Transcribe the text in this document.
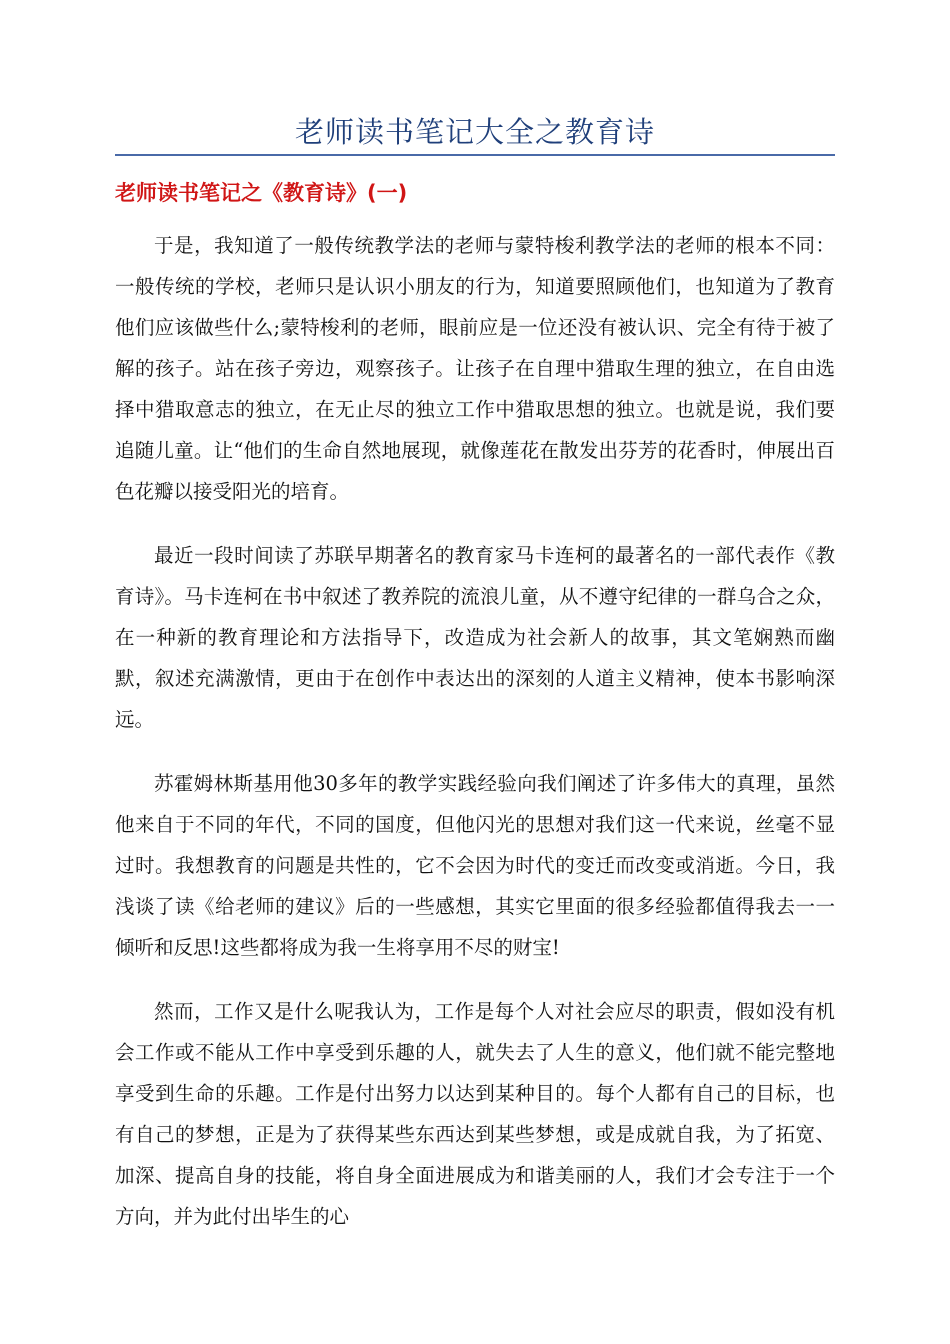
老师读书笔记大全之教育诗
老师读书笔记之《教育诗》(一)

于是，我知道了一般传统教学法的老师与蒙特梭利教学法的老师的根本不同：一般传统的学校，老师只是认识小朋友的行为，知道要照顾他们，也知道为了教育他们应该做些什么;蒙特梭利的老师，眼前应是一位还没有被认识、完全有待于被了解的孩子。站在孩子旁边，观察孩子。让孩子在自理中猎取生理的独立，在自由选择中猎取意志的独立，在无止尽的独立工作中猎取思想的独立。也就是说，我们要追随儿童。让“他们的生命自然地展现，就像莲花在散发出芬芳的花香时，伸展出百色花瓣以接受阳光的培育。

最近一段时间读了苏联早期著名的教育家马卡连柯的最著名的一部代表作《教育诗》。马卡连柯在书中叙述了教养院的流浪儿童，从不遵守纪律的一群乌合之众，在一种新的教育理论和方法指导下，改造成为社会新人的故事，其文笔娴熟而幽默，叙述充满激情，更由于在创作中表达出的深刻的人道主义精神，使本书影响深远。

苏霍姆林斯基用他30多年的教学实践经验向我们阐述了许多伟大的真理，虽然他来自于不同的年代，不同的国度，但他闪光的思想对我们这一代来说，丝毫不显过时。我想教育的问题是共性的，它不会因为时代的变迁而改变或消逝。今日，我浅谈了读《给老师的建议》后的一些感想，其实它里面的很多经验都值得我去一一倾听和反思!这些都将成为我一生将享用不尽的财宝!

然而，工作又是什么呢我认为，工作是每个人对社会应尽的职责，假如没有机会工作或不能从工作中享受到乐趣的人，就失去了人生的意义，他们就不能完整地享受到生命的乐趣。工作是付出努力以达到某种目的。每个人都有自己的目标，也有自己的梦想，正是为了获得某些东西达到某些梦想，或是成就自我，为了拓宽、加深、提高自身的技能，将自身全面进展成为和谐美丽的人，我们才会专注于一个方向，并为此付出毕生的心
